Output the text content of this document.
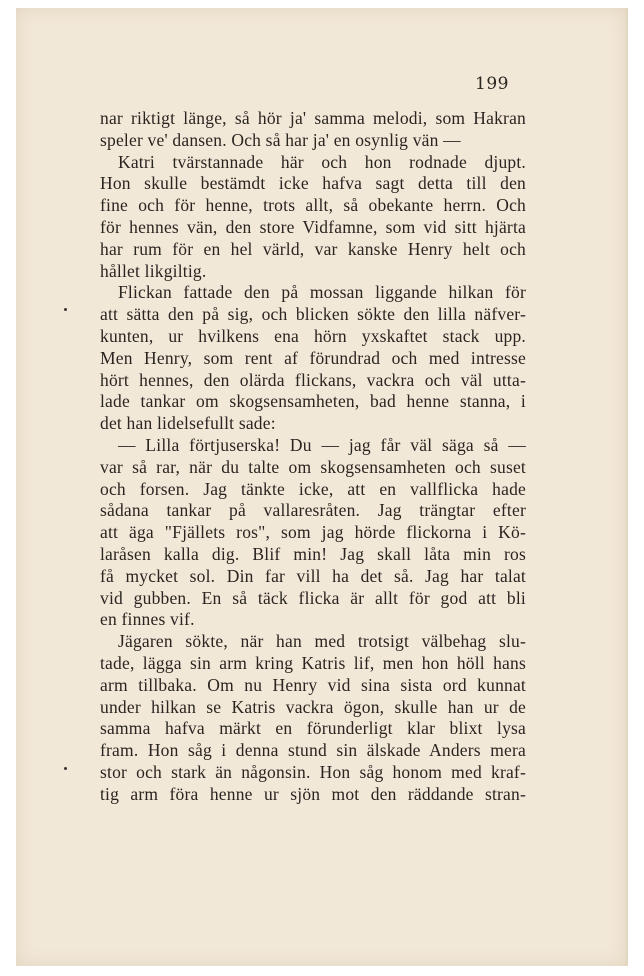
199
nar riktigt länge, så hör ja' samma melodi, som Hakran
speler ve' dansen. Och så har ja' en osynlig vän —
Katri tvärstannade här och hon rodnade djupt.
Hon skulle bestämdt icke hafva sagt detta till den
fine och för henne, trots allt, så obekante herrn. Och
för hennes vän, den store Vidfamne, som vid sitt hjärta
har rum för en hel värld, var kanske Henry helt och
hållet likgiltig.
Flickan fattade den på mossan liggande hilkan för
att sätta den på sig, och blicken sökte den lilla näfver-
kunten, ur hvilkens ena hörn yxskaftet stack upp.
Men Henry, som rent af förundrad och med intresse
hört hennes, den olärda flickans, vackra och väl utta-
lade tankar om skogsensamheten, bad henne stanna, i
det han lidelsefullt sade:
— Lilla förtjuserska! Du — jag får väl säga så —
var så rar, när du talte om skogsensamheten och suset
och forsen. Jag tänkte icke, att en vallflicka hade
sådana tankar på vallaresråten. Jag trängtar efter
att äga "Fjällets ros", som jag hörde flickorna i Kö-
laråsen kalla dig. Blif min! Jag skall låta min ros
få mycket sol. Din far vill ha det så. Jag har talat
vid gubben. En så täck flicka är allt för god att bli
en finnes vif.
Jägaren sökte, när han med trotsigt välbehag slu-
tade, lägga sin arm kring Katris lif, men hon höll hans
arm tillbaka. Om nu Henry vid sina sista ord kunnat
under hilkan se Katris vackra ögon, skulle han ur de
samma hafva märkt en förunderligt klar blixt lysa
fram. Hon såg i denna stund sin älskade Anders mera
stor och stark än någonsin. Hon såg honom med kraf-
tig arm föra henne ur sjön mot den räddande stran-
